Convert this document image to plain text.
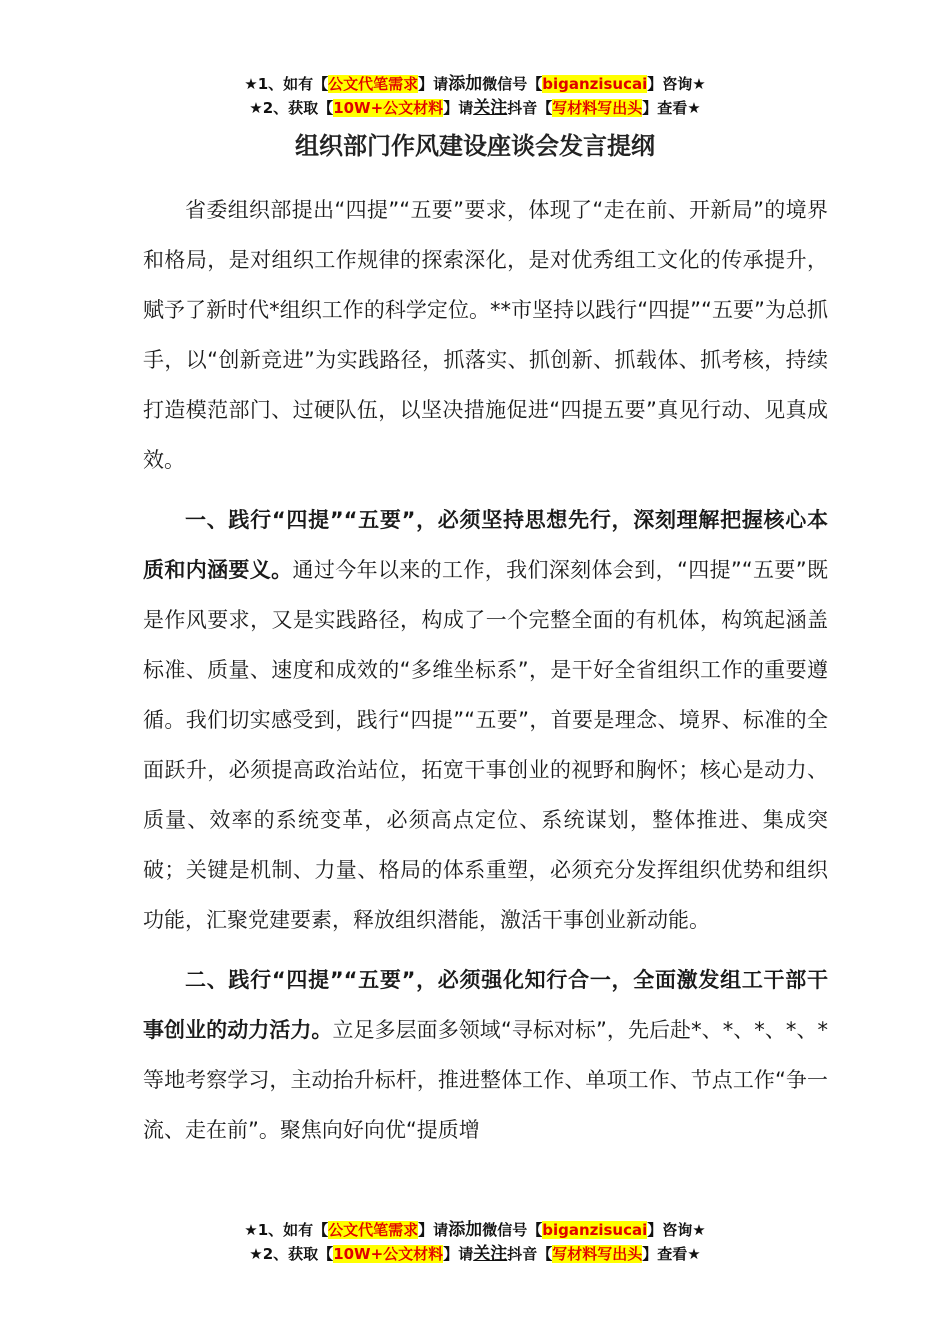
★1、如有【公文代笔需求】请添加微信号【biganzisucai】咨询★
★2、获取【10W+公文材料】请关注抖音【写材料写出头】查看★
组织部门作风建设座谈会发言提纲

省委组织部提出“四提”“五要”要求，体现了“走在前、开新局”的境界和格局，是对组织工作规律的探索深化，是对优秀组工文化的传承提升，赋予了新时代*组织工作的科学定位。**市坚持以践行“四提”“五要”为总抓手，以“创新竞进”为实践路径，抓落实、抓创新、抓载体、抓考核，持续打造模范部门、过硬队伍，以坚决措施促进“四提五要”真见行动、见真成效。

一、践行“四提”“五要”，必须坚持思想先行，深刻理解把握核心本质和内涵要义。通过今年以来的工作，我们深刻体会到，“四提”“五要”既是作风要求，又是实践路径，构成了一个完整全面的有机体，构筑起涵盖标准、质量、速度和成效的“多维坐标系”，是干好全省组织工作的重要遵循。我们切实感受到，践行“四提”“五要”，首要是理念、境界、标准的全面跃升，必须提高政治站位，拓宽干事创业的视野和胸怀；核心是动力、质量、效率的系统变革，必须高点定位、系统谋划，整体推进、集成突破；关键是机制、力量、格局的体系重塑，必须充分发挥组织优势和组织功能，汇聚党建要素，释放组织潜能，激活干事创业新动能。

二、践行“四提”“五要”，必须强化知行合一，全面激发组工干部干事创业的动力活力。立足多层面多领域“寻标对标”，先后赴*、*、*、*、*等地考察学习，主动抬升标杆，推进整体工作、单项工作、节点工作“争一流、走在前”。聚焦向好向优“提质增

★1、如有【公文代笔需求】请添加微信号【biganzisucai】咨询★
★2、获取【10W+公文材料】请关注抖音【写材料写出头】查看★
